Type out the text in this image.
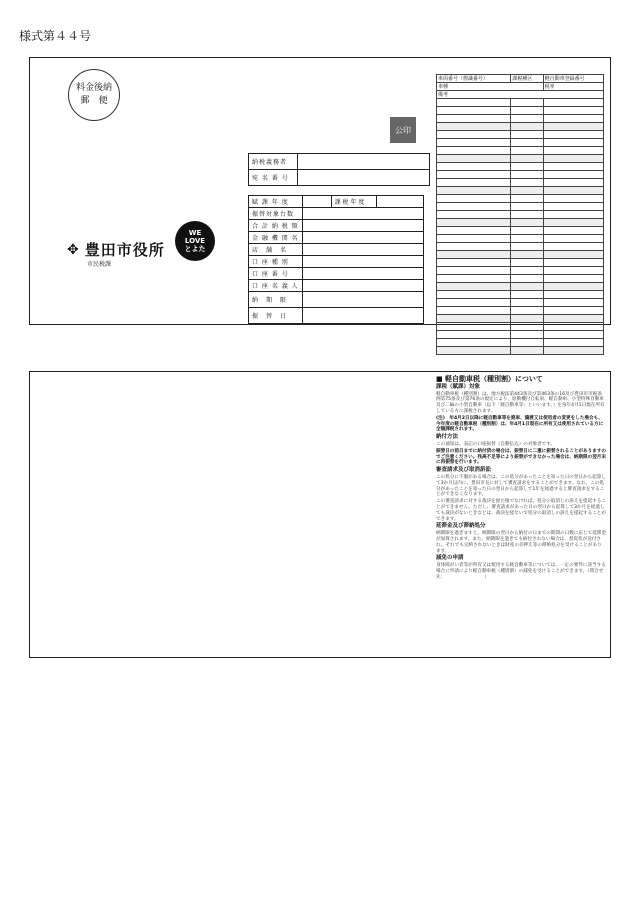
様式第４４号
料金後納
郵　便
公印
納税義務者	
宛 名 番 号	
賦 課 年 度		課 税 年 度	
振替対象台数			
合 計 納 税 額			
金 融 機 関 名			
店　舗　名			
口 座 種 別			
口 座 番 号			
口 座 名 義 人			
納　期　限			
振　替　日			
✥ 豊田市役所
市民税課
WE
LOVE
とよた
車両番号（標識番号）	課税種区	軽自動車登録番号
車種		税率
備考		

■ 軽自動車税（種別割）について
課税（賦課）対象

軽自動車税（種別割）は、地方税法第443条及び第463条の16及び豊田市市税条例第75条及び第76条の規定により、原動機付自転車、軽自動車、小型特殊自動車及び二輪の小型自動車（以下「軽自動車等」といいます。）を毎年4月1日現在所有している方に課税されます。

(注)　年4月2日以降に軽自動車等を廃車、譲渡又は使用者の変更をした場合も、今年度の軽自動車税（種別割）は、年4月1日現在に所有又は使用されている方に全額課税されます。

納付方法

この通知は、表記の口座振替（自動払込）の対象者です。

振替日の前日までに納付済の場合は、振替日に二重に振替されることがありますのでご注意ください。残高不足等により振替ができなかった場合は、納期限の翌月末に再振替を行います。

審査請求及び取消訴訟

この処分に不服がある場合は、この処分があったことを知った日の翌日から起算して3か月以内に、豊田市長に対して審査請求をすることができます。なお、この処分があったことを知った日の翌日から起算して1年を経過すると審査請求をすることができなくなります。

この審査請求に対する裁決を経た後でなければ、処分の取消しの訴えを提起することができません。ただし、審査請求があった日の翌日から起算して3か月を経過しても裁決がないときなどは、裁決を経ないで処分の取消しの訴えを提起することができます。

延滞金及び滞納処分

納期限を過ぎますと、納期限の翌日から納付の日までの期間の日数に応じて延滞金が加算されます。また、納期限を過ぎても納付されない場合は、督促状が送付され、それでも完納されないときは財産の差押え等の滞納処分を受けることがあります。

減免の申請

身体障がい者等が所有又は使用する軽自動車等については、一定の要件に該当する場合に申請により軽自動車税（種別割）の減免を受けることができます。（問合せ先：　　　　　　　　　）
